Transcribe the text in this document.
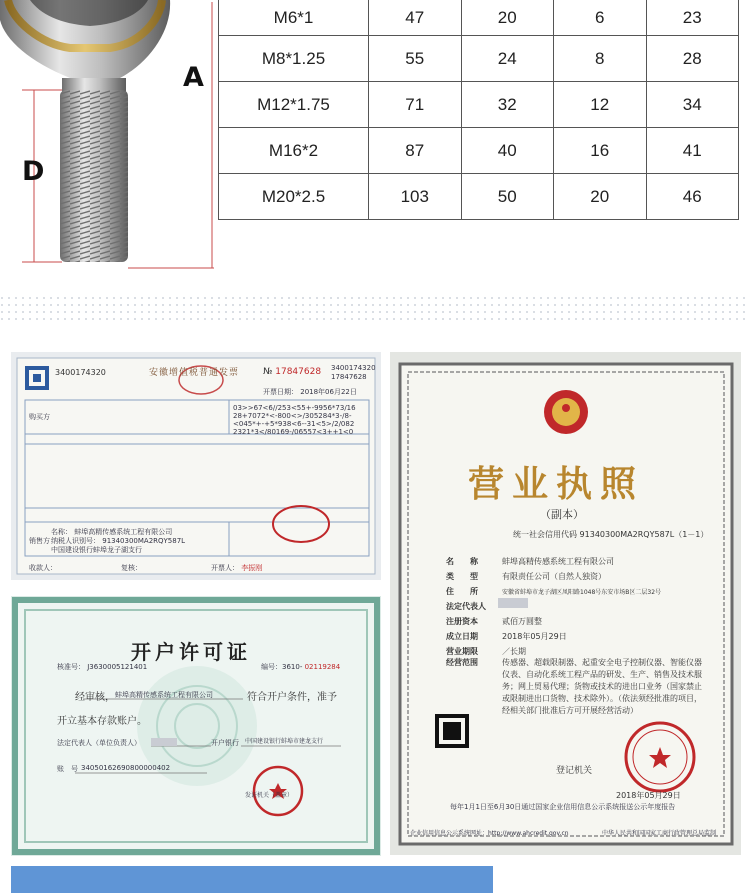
A
D
M6*1	47	20	6	23
M8*1.25	55	24	8	28
M12*1.75	71	32	12	34
M16*2	87	40	16	41
M20*2.5	103	50	20	46
3400174320	安徽增值税普通发票	№ 17847628 3400174320
17847628
开票日期： 2018年06月22日
购买方
03>>67<6//253<55+-9956*73/16 28+7072*<-800<>/305284*3-/8- <045*+-+5*938<6--31<5>/2/082 2321*3</80169-/06557<3++1<0
销售方
名称： 蚌埠高精传感系统工程有限公司
纳税人识别号： 91340300MA2RQY587L
中国建设银行蚌埠龙子湖支行
收款人：	复核：	开票人： 李振刚
营业执照
（副本）
统一社会信用代码 91340300MA2RQY587L（1－1）
名　　称	蚌埠高精传感系统工程有限公司
类　　型	有限责任公司（自然人独资）
住　　所	安徽省蚌埠市龙子湖区凤阳路1048号东安市场B区二层32号
法定代表人
注册资本	贰佰万圆整
成立日期	2018年05月29日
营业期限	／长期
经营范围	传感器、超载限制器、起重安全电子控制仪器、智能仪器仪表、自动化系统工程产品的研发、生产、销售及技术服务；网上贸易代理；货物或技术的进出口业务（国家禁止或限制进出口货物、技术除外）。（依法须经批准的项目，经相关部门批准后方可开展经营活动）
登记机关
2018年05月29日
每年1月1日至6月30日通过国家企业信用信息公示系统报送公示年度报告
企业信用信息公示系统网址：http://www.ahcredit.gov.cn	中华人民共和国国家工商行政管理总局监制
开户许可证
核准号： J3630005121401	编号：3610- 02119284
经审核， 蚌埠高精传感系统工程有限公司	符合开户条件，准予
开立基本存款账户。
法定代表人（单位负责人）	开户银行 中国建设银行蚌埠市建龙支行
账　号 34050162690800000402
发证机关（盖章）
